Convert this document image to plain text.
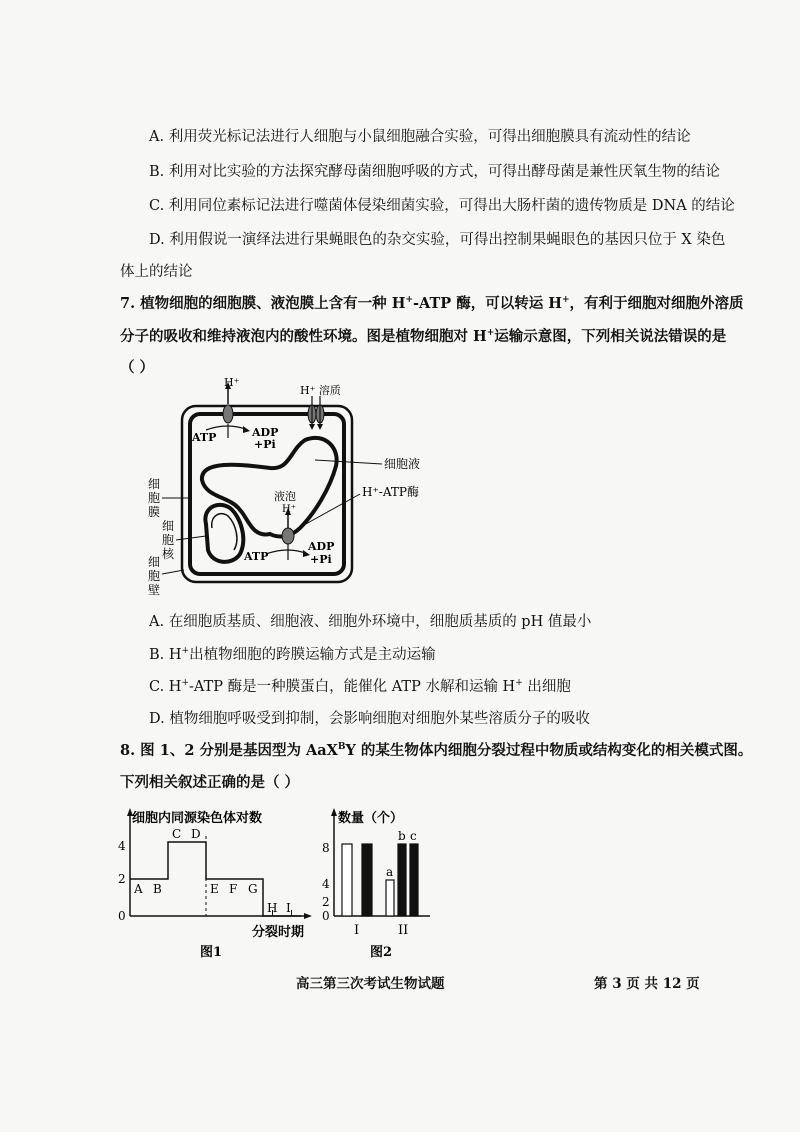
A. 利用荧光标记法进行人细胞与小鼠细胞融合实验，可得出细胞膜具有流动性的结论
B. 利用对比实验的方法探究酵母菌细胞呼吸的方式，可得出酵母菌是兼性厌氧生物的结论
C. 利用同位素标记法进行噬菌体侵染细菌实验，可得出大肠杆菌的遗传物质是 DNA 的结论
D. 利用假说一演绎法进行果蝇眼色的杂交实验，可得出控制果蝇眼色的基因只位于 X 染色
体上的结论
7. 植物细胞的细胞膜、液泡膜上含有一种 H+-ATP 酶，可以转运 H+，有利于细胞对细胞外溶质
分子的吸收和维持液泡内的酸性环境。图是植物细胞对 H+运输示意图，下列相关说法错误的是
（ ）
H⁺
ATP	ADP
+Pi
H⁺ 溶质
液泡
H⁺
ATP
ADP
+Pi
细胞液
H⁺-ATP酶
细
胞
膜
细
胞
核
细
胞
壁
A. 在细胞质基质、细胞液、细胞外环境中，细胞质基质的 pH 值最小
B. H+出植物细胞的跨膜运输方式是主动运输
C. H+-ATP 酶是一种膜蛋白，能催化 ATP 水解和运输 H+ 出细胞
D. 植物细胞呼吸受到抑制，会影响细胞对细胞外某些溶质分子的吸收
8. 图 1、2 分别是基因型为 AaX$^B$Y 的某生物体内细胞分裂过程中物质或结构变化的相关模式图。
下列相关叙述正确的是（ ）
细胞内同源染色体对数
4
2
0
A B
C D
E F G
H I
分裂时期
图1
数量（个）
8
4
2
0
a
b c
I	II
图2
高三第三次考试生物试题	第 3 页 共 12 页
